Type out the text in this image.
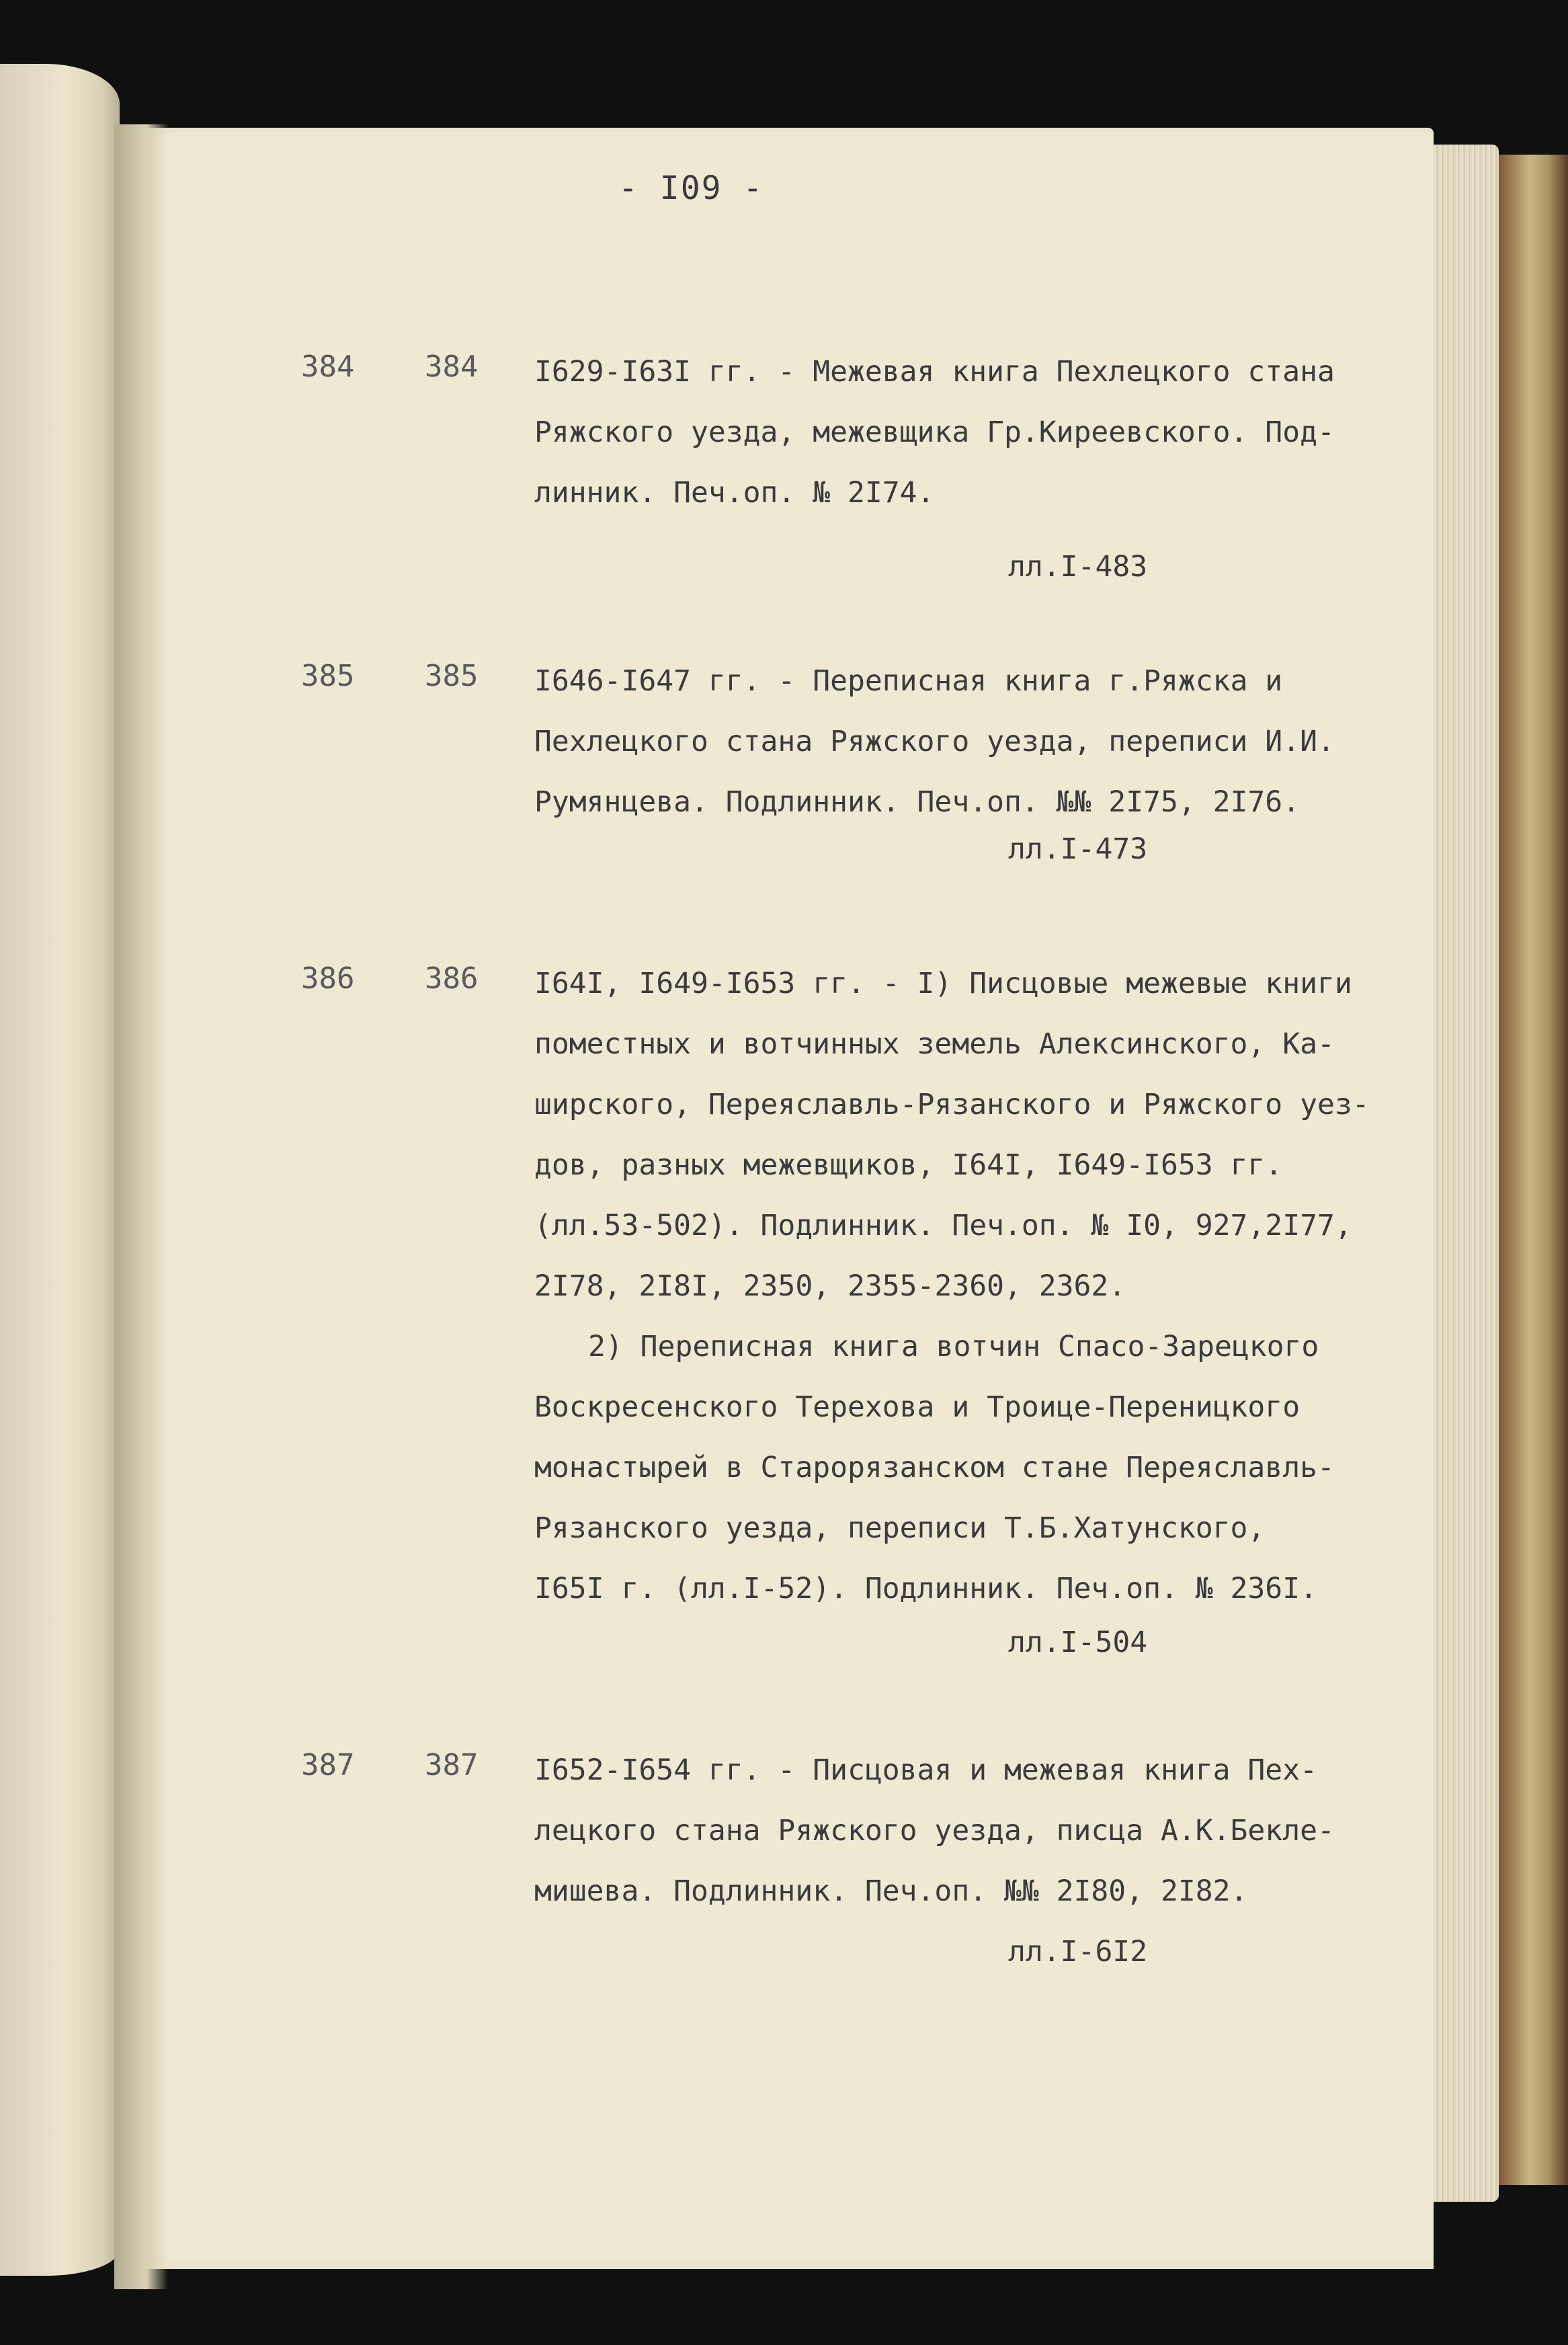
- I09 -
384 384 I629-I63I гг. - Межевая книга Пехлецкого стана
Ряжского уезда, межевщика Гр.Киреевского. Под-
линник. Печ.оп. № 2I74.
лл.I-483
385 385 I646-I647 гг. - Переписная книга г.Ряжска и
Пехлецкого стана Ряжского уезда, переписи И.И.
Румянцева. Подлинник. Печ.оп. №№ 2I75, 2I76.
лл.I-473
386 386 I64I, I649-I653 гг. - I) Писцовые межевые книги
поместных и вотчинных земель Алексинского, Ка-
ширского, Переяславль-Рязанского и Ряжского уез-
дов, разных межевщиков, I64I, I649-I653 гг.
(лл.53-502). Подлинник. Печ.оп. № I0, 927,2I77,
2I78, 2I8I, 2350, 2355-2360, 2362.
2) Переписная книга вотчин Спасо-Зарецкого
Воскресенского Терехова и Троице-Переницкого
монастырей в Старорязанском стане Переяславль-
Рязанского уезда, переписи Т.Б.Хатунского,
I65I г. (лл.I-52). Подлинник. Печ.оп. № 236I.
лл.I-504
387 387 I652-I654 гг. - Писцовая и межевая книга Пех-
лецкого стана Ряжского уезда, писца А.К.Бекле-
мишева. Подлинник. Печ.оп. №№ 2I80, 2I82.
лл.I-6I2
